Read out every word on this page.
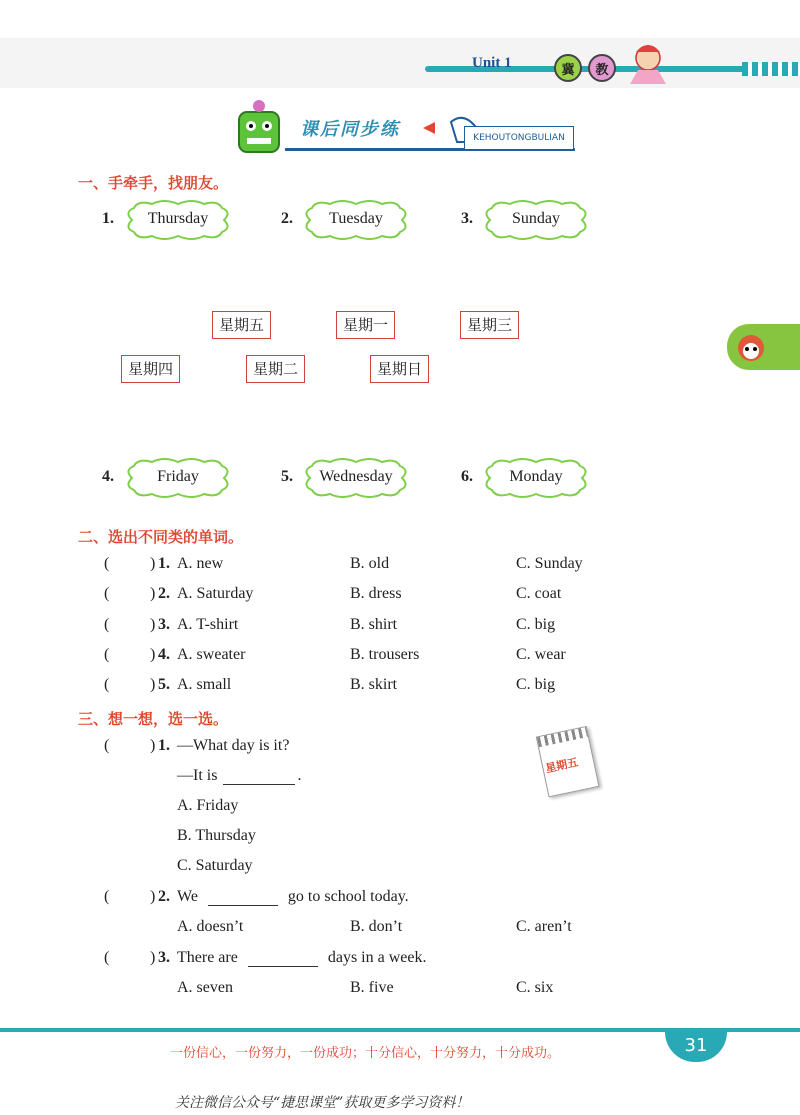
Unit 1	冀	教
课后同步练	KEHOUTONGBULIAN
一、手牵手，找朋友。
1.	Thursday	2.	Tuesday	3.	Sunday
4.	Friday	5.	Wednesday	6.	Monday
星期五	星期一	星期三
星期四	星期二	星期日
二、选出不同类的单词。
(	) 1. A. new	B. old	C. Sunday
(	) 2. A. Saturday	B. dress	C. coat
(	) 3. A. T-shirt	B. shirt	C. big
(	) 4. A. sweater	B. trousers	C. wear
(	) 5. A. small	B. skirt	C. big
三、想一想，选一选。
(	) 1. —What day is it?
—It is	.
A. Friday
B. Thursday
C. Saturday
星期五
(	) 2. We	go to school today.
A. doesn’t	B. don’t	C. aren’t
(	) 3. There are	days in a week.
A. seven	B. five	C. six
一份信心，一份努力，一份成功；十分信心，十分努力，十分成功。	31
关注微信公众号“捷思课堂”获取更多学习资料！
